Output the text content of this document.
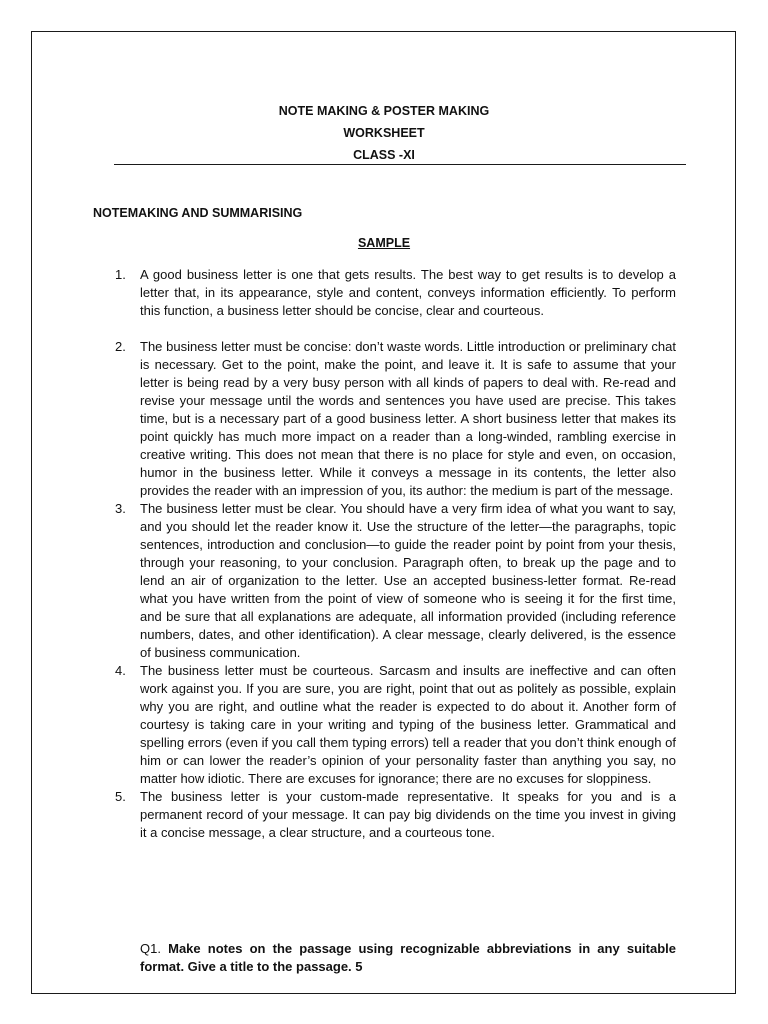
NOTE MAKING & POSTER MAKING
WORKSHEET
CLASS -XI
NOTEMAKING AND SUMMARISING
SAMPLE
1. A good business letter is one that gets results. The best way to get results is to develop a letter that, in its appearance, style and content, conveys information efficiently. To perform this function, a business letter should be concise, clear and courteous.
2. The business letter must be concise: don’t waste words. Little introduction or preliminary chat is necessary. Get to the point, make the point, and leave it. It is safe to assume that your letter is being read by a very busy person with all kinds of papers to deal with. Re-read and revise your message until the words and sentences you have used are precise. This takes time, but is a necessary part of a good business letter. A short business letter that makes its point quickly has much more impact on a reader than a long-winded, rambling exercise in creative writing. This does not mean that there is no place for style and even, on occasion, humor in the business letter. While it conveys a message in its contents, the letter also provides the reader with an impression of you, its author: the medium is part of the message.
3. The business letter must be clear. You should have a very firm idea of what you want to say, and you should let the reader know it. Use the structure of the letter—the paragraphs, topic sentences, introduction and conclusion—to guide the reader point by point from your thesis, through your reasoning, to your conclusion. Paragraph often, to break up the page and to lend an air of organization to the letter. Use an accepted business-letter format. Re-read what you have written from the point of view of someone who is seeing it for the first time, and be sure that all explanations are adequate, all information provided (including reference numbers, dates, and other identification). A clear message, clearly delivered, is the essence of business communication.
4. The business letter must be courteous. Sarcasm and insults are ineffective and can often work against you. If you are sure, you are right, point that out as politely as possible, explain why you are right, and outline what the reader is expected to do about it. Another form of courtesy is taking care in your writing and typing of the business letter. Grammatical and spelling errors (even if you call them typing errors) tell a reader that you don’t think enough of him or can lower the reader’s opinion of your personality faster than anything you say, no matter how idiotic. There are excuses for ignorance; there are no excuses for sloppiness.
5. The business letter is your custom-made representative. It speaks for you and is a permanent record of your message. It can pay big dividends on the time you invest in giving it a concise message, a clear structure, and a courteous tone.
Q1. Make notes on the passage using recognizable abbreviations in any suitable format. Give a title to the passage. 5
